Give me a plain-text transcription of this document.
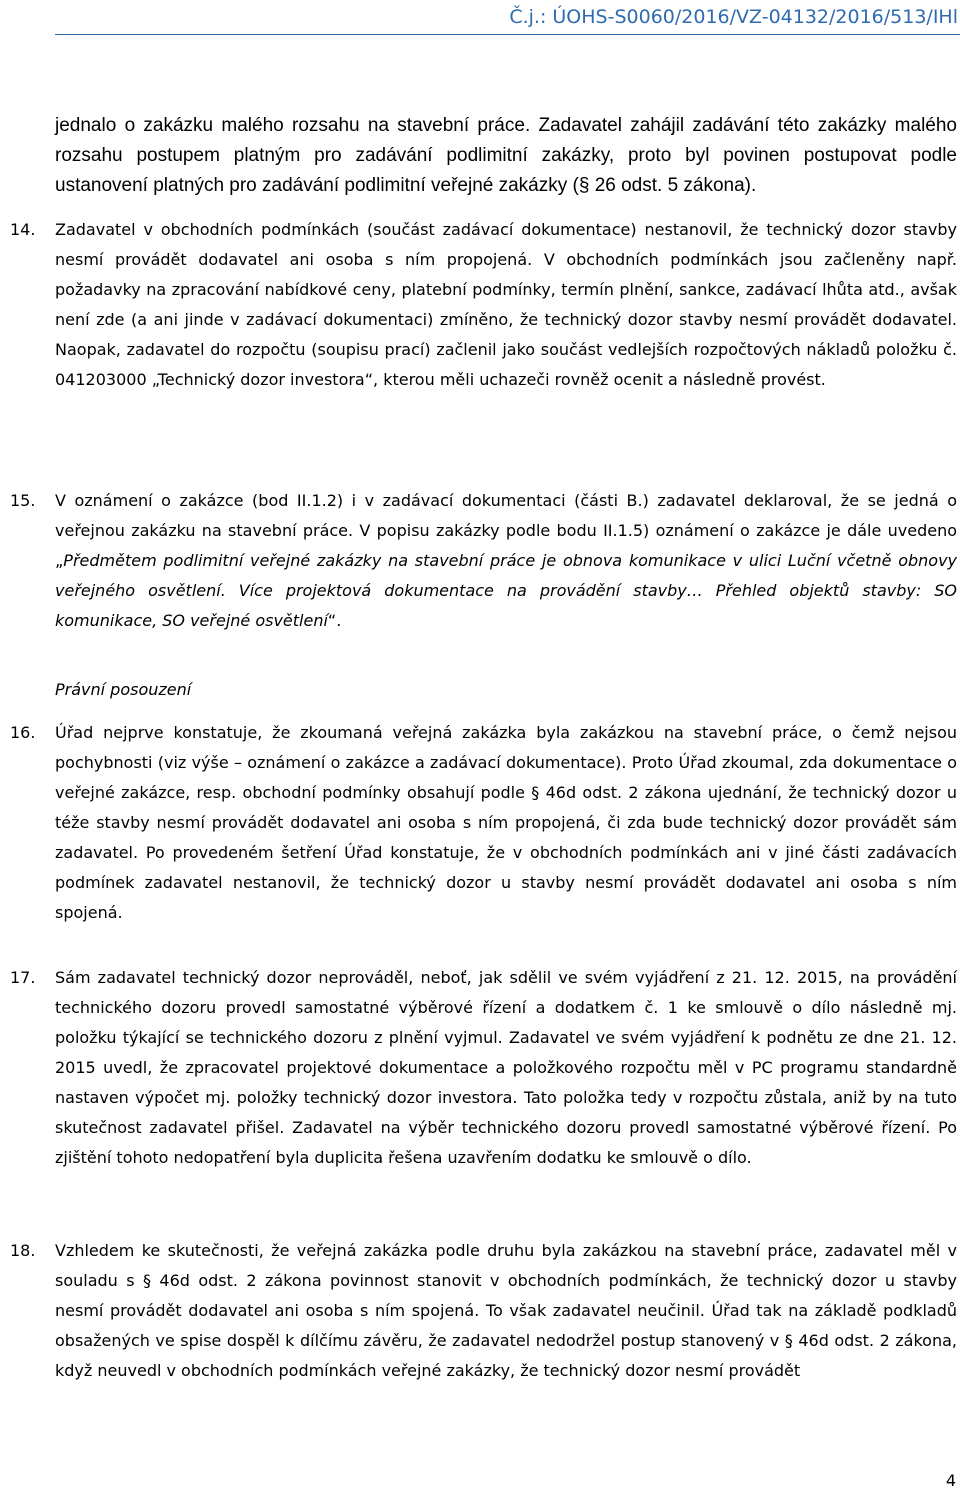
Č.j.: ÚOHS-S0060/2016/VZ-04132/2016/513/IHl
jednalo o zakázku malého rozsahu na stavební práce. Zadavatel zahájil zadávání této zakázky malého rozsahu postupem platným pro zadávání podlimitní zakázky, proto byl povinen postupovat podle ustanovení platných pro zadávání podlimitní veřejné zakázky (§ 26 odst. 5 zákona).
14.	Zadavatel v obchodních podmínkách (součást zadávací dokumentace) nestanovil, že technický dozor stavby nesmí provádět dodavatel ani osoba s ním propojená. V obchodních podmínkách jsou začleněny např. požadavky na zpracování nabídkové ceny, platební podmínky, termín plnění, sankce, zadávací lhůta atd., avšak není zde (a ani jinde v zadávací dokumentaci) zmíněno, že technický dozor stavby nesmí provádět dodavatel. Naopak, zadavatel do rozpočtu (soupisu prací) začlenil jako součást vedlejších rozpočtových nákladů položku č. 041203000 „Technický dozor investora“, kterou měli uchazeči rovněž ocenit a následně provést.
15.	V oznámení o zakázce (bod II.1.2) i v zadávací dokumentaci (části B.) zadavatel deklaroval, že se jedná o veřejnou zakázku na stavební práce. V popisu zakázky podle bodu II.1.5) oznámení o zakázce je dále uvedeno „Předmětem podlimitní veřejné zakázky na stavební práce je obnova komunikace v ulici Luční včetně obnovy veřejného osvětlení. Více projektová dokumentace na provádění stavby… Přehled objektů stavby: SO komunikace, SO veřejné osvětlení“.
Právní posouzení
16.	Úřad nejprve konstatuje, že zkoumaná veřejná zakázka byla zakázkou na stavební práce, o čemž nejsou pochybnosti (viz výše – oznámení o zakázce a zadávací dokumentace). Proto Úřad zkoumal, zda dokumentace o veřejné zakázce, resp. obchodní podmínky obsahují podle § 46d odst. 2 zákona ujednání, že technický dozor u téže stavby nesmí provádět dodavatel ani osoba s ním propojená, či zda bude technický dozor provádět sám zadavatel. Po provedeném šetření Úřad konstatuje, že v obchodních podmínkách ani v jiné části zadávacích podmínek zadavatel nestanovil, že technický dozor u stavby nesmí provádět dodavatel ani osoba s ním spojená.
17.	Sám zadavatel technický dozor neprováděl, neboť, jak sdělil ve svém vyjádření z 21. 12. 2015, na provádění technického dozoru provedl samostatné výběrové řízení a dodatkem č. 1 ke smlouvě o dílo následně mj. položku týkající se technického dozoru z plnění vyjmul. Zadavatel ve svém vyjádření k podnětu ze dne 21. 12. 2015 uvedl, že zpracovatel projektové dokumentace a položkového rozpočtu měl v PC programu standardně nastaven výpočet mj. položky technický dozor investora. Tato položka tedy v rozpočtu zůstala, aniž by na tuto skutečnost zadavatel přišel. Zadavatel na výběr technického dozoru provedl samostatné výběrové řízení. Po zjištění tohoto nedopatření byla duplicita řešena uzavřením dodatku ke smlouvě o dílo.
18.	Vzhledem ke skutečnosti, že veřejná zakázka podle druhu byla zakázkou na stavební práce, zadavatel měl v souladu s § 46d odst. 2 zákona povinnost stanovit v obchodních podmínkách, že technický dozor u stavby nesmí provádět dodavatel ani osoba s ním spojená. To však zadavatel neučinil. Úřad tak na základě podkladů obsažených ve spise dospěl k dílčímu závěru, že zadavatel nedodržel postup stanovený v § 46d odst. 2 zákona, když neuvedl v obchodních podmínkách veřejné zakázky, že technický dozor nesmí provádět
4
